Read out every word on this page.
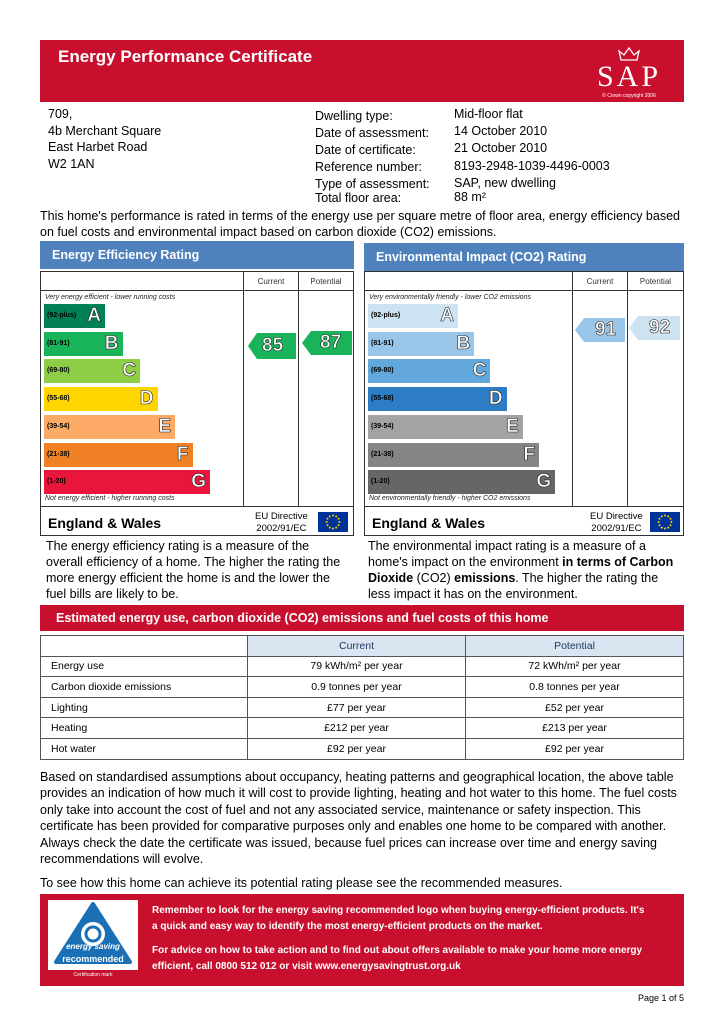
Energy Performance Certificate
SAP
© Crown copyright 2006
709,
4b Merchant Square
East Harbet Road
W2 1AN
Dwelling type:	Mid-floor flat
Date of assessment: 14 October 2010
Date of certificate:	21 October 2010
Reference number:	8193-2948-1039-4496-0003
Type of assessment: SAP, new dwelling
Total floor area:	88 m²
This home's performance is rated in terms of the energy use per square metre of floor area, energy efficiency based on fuel costs and environmental impact based on carbon dioxide (CO2) emissions.
Energy Efficiency Rating
Current	Potential
Very energy efficient - lower running costs
Not energy efficient - higher running costs
(92-plus) A
(81-91) B
(69-80)	C
(55-68)	D
(39-54)	E
(21-38)	F
(1-20)	G
85	87
England & Wales	EU Directive
2002/91/EC
The energy efficiency rating is a measure of the overall efficiency of a home. The higher the rating the more energy efficient the home is and the lower the fuel bills are likely to be.
Environmental Impact (CO2) Rating
Current	Potential
Very environmentally friendly - lower CO2 emissions
Not environmentally friendly - higher CO2 emissions
(92-plus) A
(81-91)	B
(69-80)	C
(55-68)	D
(39-54)	E
(21-38)	F
(1-20)	G
91 92
England & Wales	EU Directive
2002/91/EC
The environmental impact rating is a measure of a home's impact on the environment in terms of Carbon Dioxide (CO2) emissions. The higher the rating the less impact it has on the environment.
Estimated energy use, carbon dioxide (CO2) emissions and fuel costs of this home
	Current	Potential
Energy use	79 kWh/m² per year	72 kWh/m² per year
Carbon dioxide emissions	0.9 tonnes per year	0.8 tonnes per year
Lighting	£77 per year	£52 per year
Heating	£212 per year	£213 per year
Hot water	£92 per year	£92 per year
Based on standardised assumptions about occupancy, heating patterns and geographical location, the above table provides an indication of how much it will cost to provide lighting, heating and hot water to this home. The fuel costs only take into account the cost of fuel and not any associated service, maintenance or safety inspection. This certificate has been provided for comparative purposes only and enables one home to be compared with another. Always check the date the certificate was issued, because fuel prices can increase over time and energy saving recommendations will evolve.
To see how this home can achieve its potential rating please see the recommended measures.
energy saving
recommended
Certification mark
Remember to look for the energy saving recommended logo when buying energy-efficient products. It's a quick and easy way to identify the most energy-efficient products on the market.
For advice on how to take action and to find out about offers available to make your home more energy efficient, call 0800 512 012 or visit www.energysavingtrust.org.uk
Page 1 of 5
